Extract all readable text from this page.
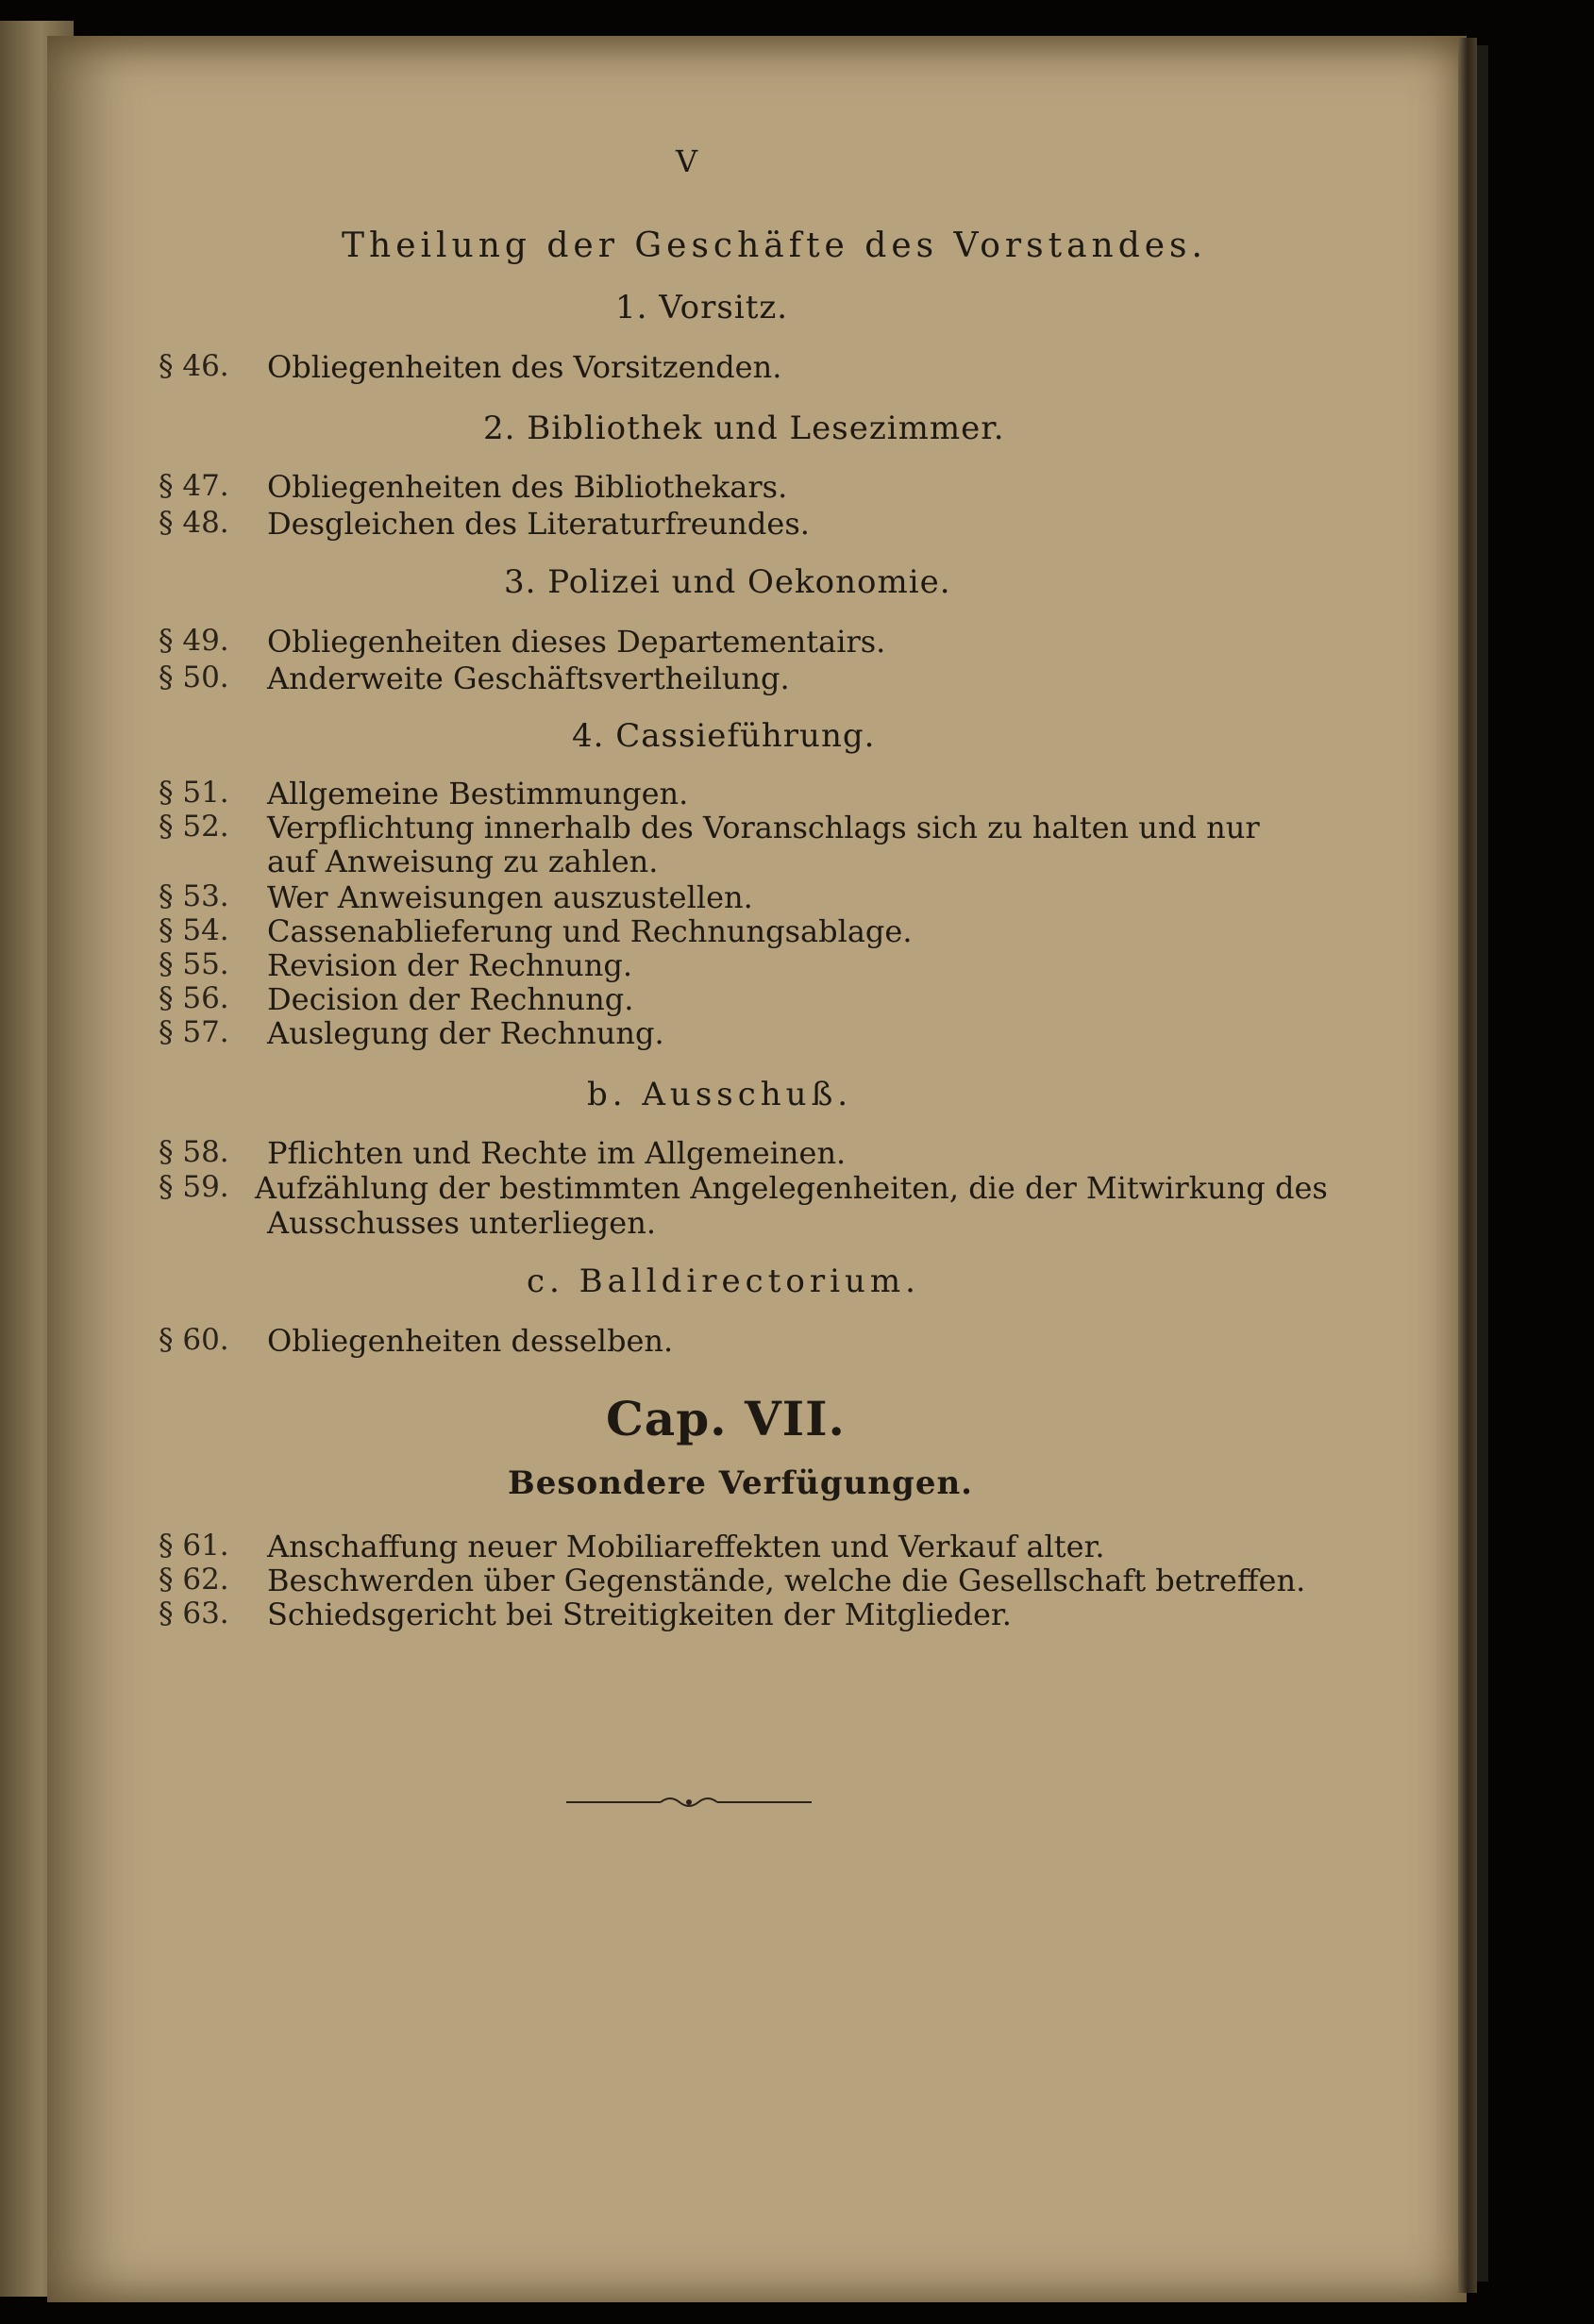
V
Theilung der Geschäfte des Vorstandes.
1. Vorsitz.
§ 46. Obliegenheiten des Vorsitzenden.
2. Bibliothek und Lesezimmer.
§ 47. Obliegenheiten des Bibliothekars.
§ 48. Desgleichen des Literaturfreundes.
3. Polizei und Oekonomie.
§ 49. Obliegenheiten dieses Departementairs.
§ 50. Anderweite Geschäftsvertheilung.
4. Cassieführung.
§ 51. Allgemeine Bestimmungen.
§ 52. Verpflichtung innerhalb des Voranschlags sich zu halten und nur
auf Anweisung zu zahlen.
§ 53. Wer Anweisungen auszustellen.
§ 54. Cassenablieferung und Rechnungsablage.
§ 55. Revision der Rechnung.
§ 56. Decision der Rechnung.
§ 57. Auslegung der Rechnung.
b. Ausschuß.
§ 58. Pflichten und Rechte im Allgemeinen.
§ 59. Aufzählung der bestimmten Angelegenheiten, die der Mitwirkung des
Ausschusses unterliegen.
c. Balldirectorium.
§ 60. Obliegenheiten desselben.
Cap. VII.
Besondere Verfügungen.
§ 61. Anschaffung neuer Mobiliareffekten und Verkauf alter.
§ 62. Beschwerden über Gegenstände, welche die Gesellschaft betreffen.
§ 63. Schiedsgericht bei Streitigkeiten der Mitglieder.
